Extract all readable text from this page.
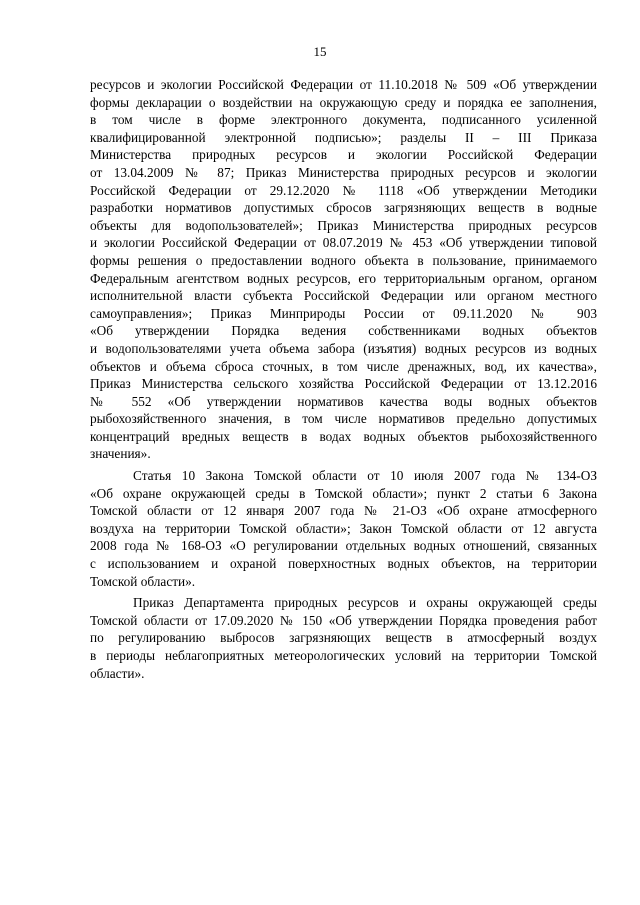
15
ресурсов и экологии Российской Федерации от 11.10.2018 № 509 «Об утверждении
формы декларации о воздействии на окружающую среду и порядка ее заполнения,
в том числе в форме электронного документа, подписанного усиленной
квалифицированной электронной подписью»; разделы II – III Приказа
Министерства природных ресурсов и экологии Российской Федерации
от 13.04.2009 № 87; Приказ Министерства природных ресурсов и экологии
Российской Федерации от 29.12.2020 № 1118 «Об утверждении Методики
разработки нормативов допустимых сбросов загрязняющих веществ в водные
объекты для водопользователей»; Приказ Министерства природных ресурсов
и экологии Российской Федерации от 08.07.2019 № 453 «Об утверждении типовой
формы решения о предоставлении водного объекта в пользование, принимаемого
Федеральным агентством водных ресурсов, его территориальным органом, органом
исполнительной власти субъекта Российской Федерации или органом местного
самоуправления»; Приказ Минприроды России от 09.11.2020 № 903
«Об утверждении Порядка ведения собственниками водных объектов
и водопользователями учета объема забора (изъятия) водных ресурсов из водных
объектов и объема сброса сточных, в том числе дренажных, вод, их качества»,
Приказ Министерства сельского хозяйства Российской Федерации от 13.12.2016
№ 552 «Об утверждении нормативов качества воды водных объектов
рыбохозяйственного значения, в том числе нормативов предельно допустимых
концентраций вредных веществ в водах водных объектов рыбохозяйственного
значения».
Статья 10 Закона Томской области от 10 июля 2007 года № 134-ОЗ
«Об охране окружающей среды в Томской области»; пункт 2 статьи 6 Закона
Томской области от 12 января 2007 года № 21-ОЗ «Об охране атмосферного
воздуха на территории Томской области»; Закон Томской области от 12 августа
2008 года № 168-ОЗ «О регулировании отдельных водных отношений, связанных
с использованием и охраной поверхностных водных объектов, на территории
Томской области».
Приказ Департамента природных ресурсов и охраны окружающей среды
Томской области от 17.09.2020 № 150 «Об утверждении Порядка проведения работ
по регулированию выбросов загрязняющих веществ в атмосферный воздух
в периоды неблагоприятных метеорологических условий на территории Томской
области».
